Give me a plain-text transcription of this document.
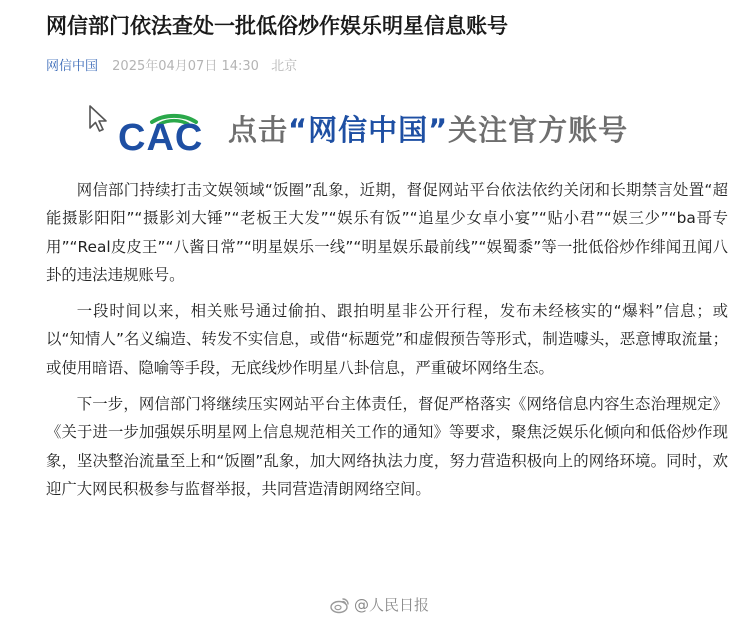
网信部门依法查处一批低俗炒作娱乐明星信息账号
网信中国 2025年04月07日 14:30 北京
CAC 点击“网信中国”关注官方账号

网信部门持续打击文娱领域“饭圈”乱象，近期，督促网站平台依法依约关闭和长期禁言处置“超能摄影阳阳”“摄影刘大锤”“老板王大发”“娱乐有饭”“追星少女卓小宴”“贴小君”“娱三少”“ba哥专用”“Real皮皮王”“八酱日常”“明星娱乐一线”“明星娱乐最前线”“娱蜀黍”等一批低俗炒作绯闻丑闻八卦的违法违规账号。

一段时间以来，相关账号通过偷拍、跟拍明星非公开行程，发布未经核实的“爆料”信息；或以“知情人”名义编造、转发不实信息，或借“标题党”和虚假预告等形式，制造噱头，恶意博取流量；或使用暗语、隐喻等手段，无底线炒作明星八卦信息，严重破坏网络生态。

下一步，网信部门将继续压实网站平台主体责任，督促严格落实《网络信息内容生态治理规定》《关于进一步加强娱乐明星网上信息规范相关工作的通知》等要求，聚焦泛娱乐化倾向和低俗炒作现象，坚决整治流量至上和“饭圈”乱象，加大网络执法力度，努力营造积极向上的网络环境。同时，欢迎广大网民积极参与监督举报，共同营造清朗网络空间。

@人民日报
